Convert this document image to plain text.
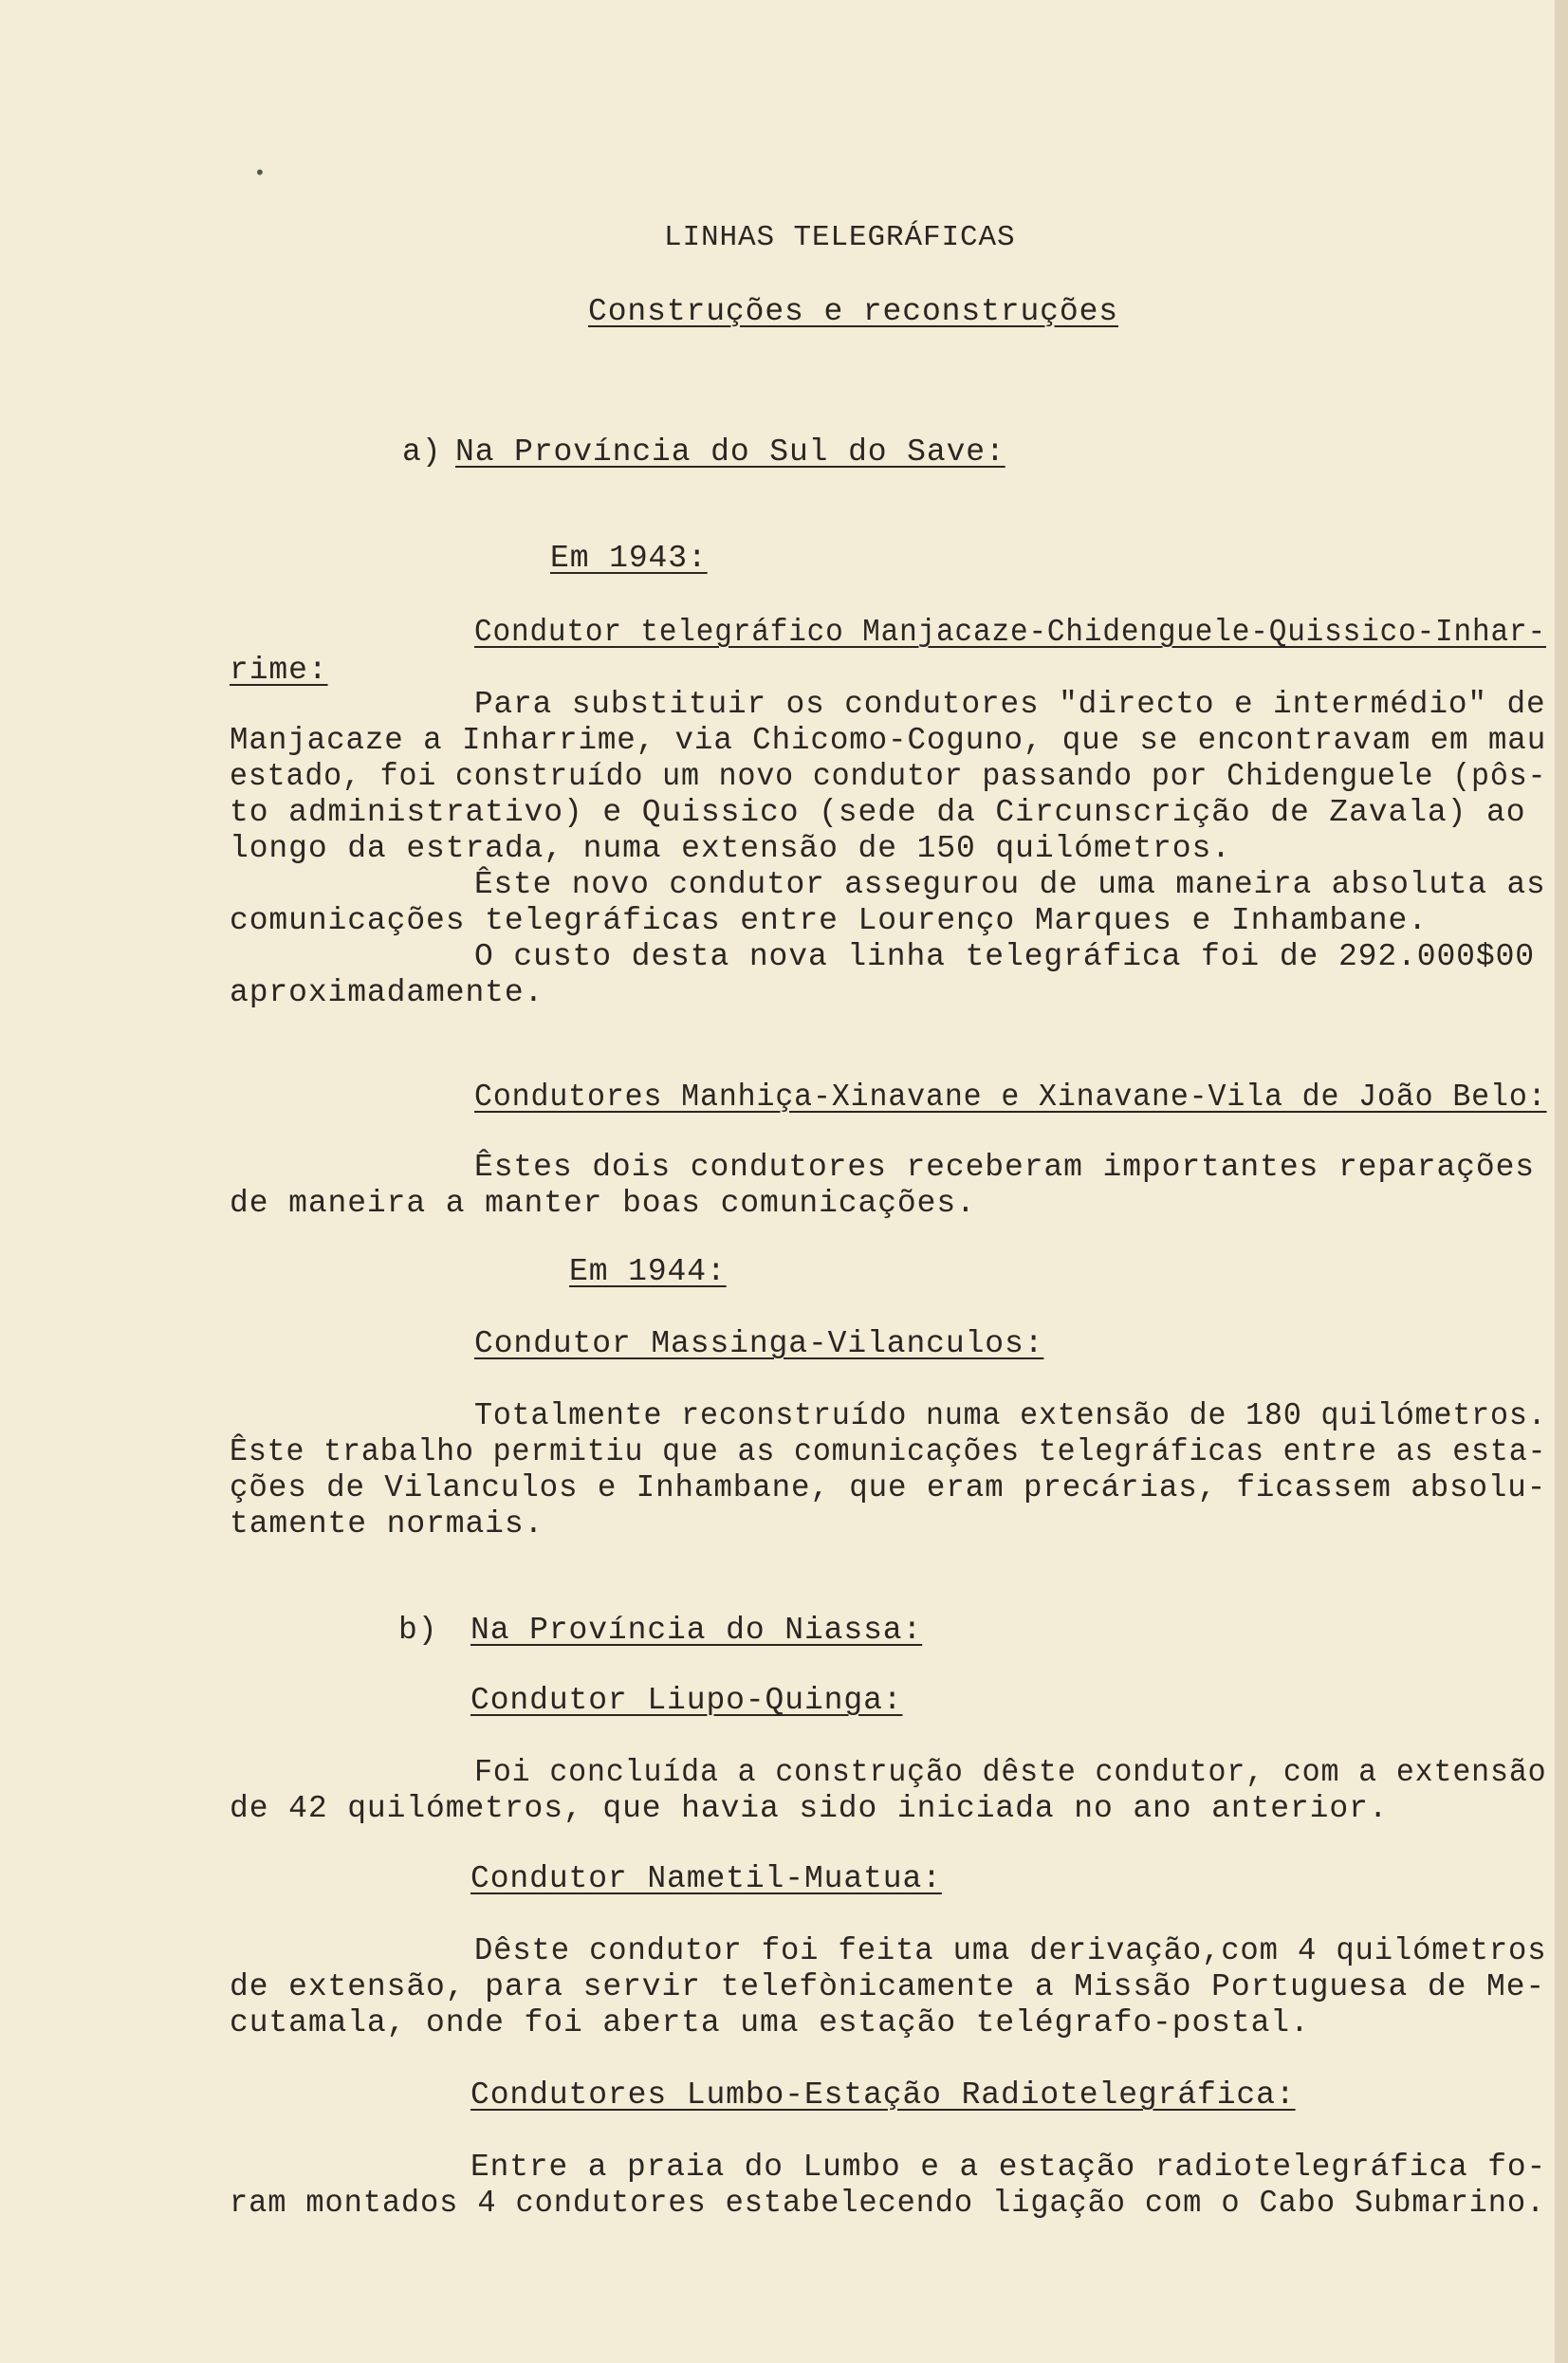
•

LINHAS TELEGRÁFICAS

Construções e reconstruções

a) Na Província do Sul do Save:

Em 1943:

Condutor telegráfico Manjacaze-Chidenguele-Quissico-Inhar-

rime:

Para substituir os condutores "directo e intermédio" de

Manjacaze a Inharrime, via Chicomo-Coguno, que se encontravam em mau

estado, foi construído um novo condutor passando por Chidenguele (pôs-

to administrativo) e Quissico (sede da Circunscrição de Zavala) ao

longo da estrada, numa extensão de 150 quilómetros.

Êste novo condutor assegurou de uma maneira absoluta as

comunicações telegráficas entre Lourenço Marques e Inhambane.

O custo desta nova linha telegráfica foi de 292.000$00

aproximadamente.

Condutores Manhiça-Xinavane e Xinavane-Vila de João Belo:

Êstes dois condutores receberam importantes reparações

de maneira a manter boas comunicações.

Em 1944:

Condutor Massinga-Vilanculos:

Totalmente reconstruído numa extensão de 180 quilómetros.

Êste trabalho permitiu que as comunicações telegráficas entre as esta-

ções de Vilanculos e Inhambane, que eram precárias, ficassem absolu-

tamente normais.

b) Na Província do Niassa:

Condutor Liupo-Quinga:

Foi concluída a construção dêste condutor, com a extensão

de 42 quilómetros, que havia sido iniciada no ano anterior.

Condutor Nametil-Muatua:

Dêste condutor foi feita uma derivação,com 4 quilómetros

de extensão, para servir telefònicamente a Missão Portuguesa de Me-

cutamala, onde foi aberta uma estação telégrafo-postal.

Condutores Lumbo-Estação Radiotelegráfica:

Entre a praia do Lumbo e a estação radiotelegráfica fo-

ram montados 4 condutores estabelecendo ligação com o Cabo Submarino.
